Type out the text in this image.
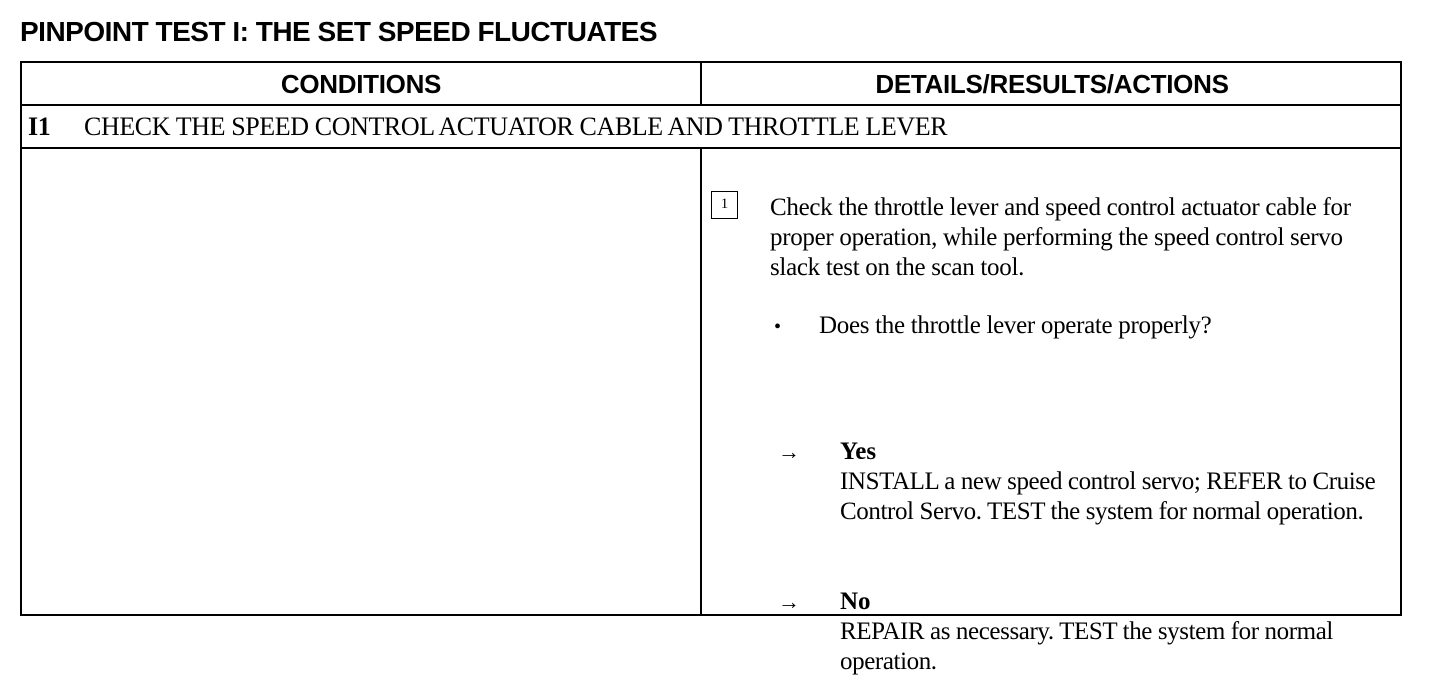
PINPOINT TEST I: THE SET SPEED FLUCTUATES
CONDITIONS	DETAILS/RESULTS/ACTIONS
I1 CHECK THE SPEED CONTROL ACTUATOR CABLE AND THROTTLE LEVER
1	Check the throttle lever and speed control actuator cable for proper operation, while performing the speed control servo slack test on the scan tool.
• Does the throttle lever operate properly?
→ Yes
INSTALL a new speed control servo; REFER to Cruise Control Servo. TEST the system for normal operation.
→ No
REPAIR as necessary. TEST the system for normal operation.
